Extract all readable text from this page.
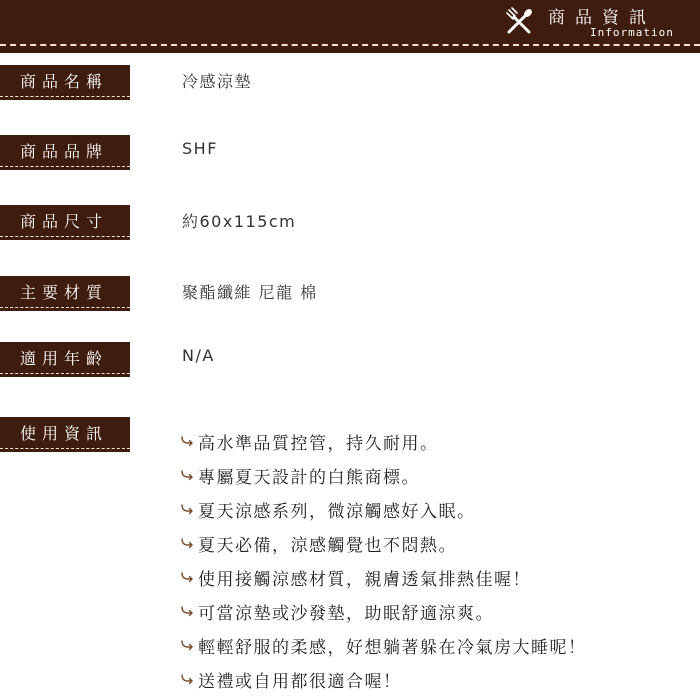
商品資訊
Information
商品名稱	冷感涼墊
商品品牌	SHF
商品尺寸	約60x115cm
主要材質	聚酯纖維 尼龍 棉
適用年齡	N/A
使用資訊	高水準品質控管，持久耐用。
專屬夏天設計的白熊商標。
夏天涼感系列，微涼觸感好入眠。
夏天必備，涼感觸覺也不悶熱。
使用接觸涼感材質，親膚透氣排熱佳喔！
可當涼墊或沙發墊，助眠舒適涼爽。
輕輕舒服的柔感，好想躺著躲在冷氣房大睡呢！
送禮或自用都很適合喔！
